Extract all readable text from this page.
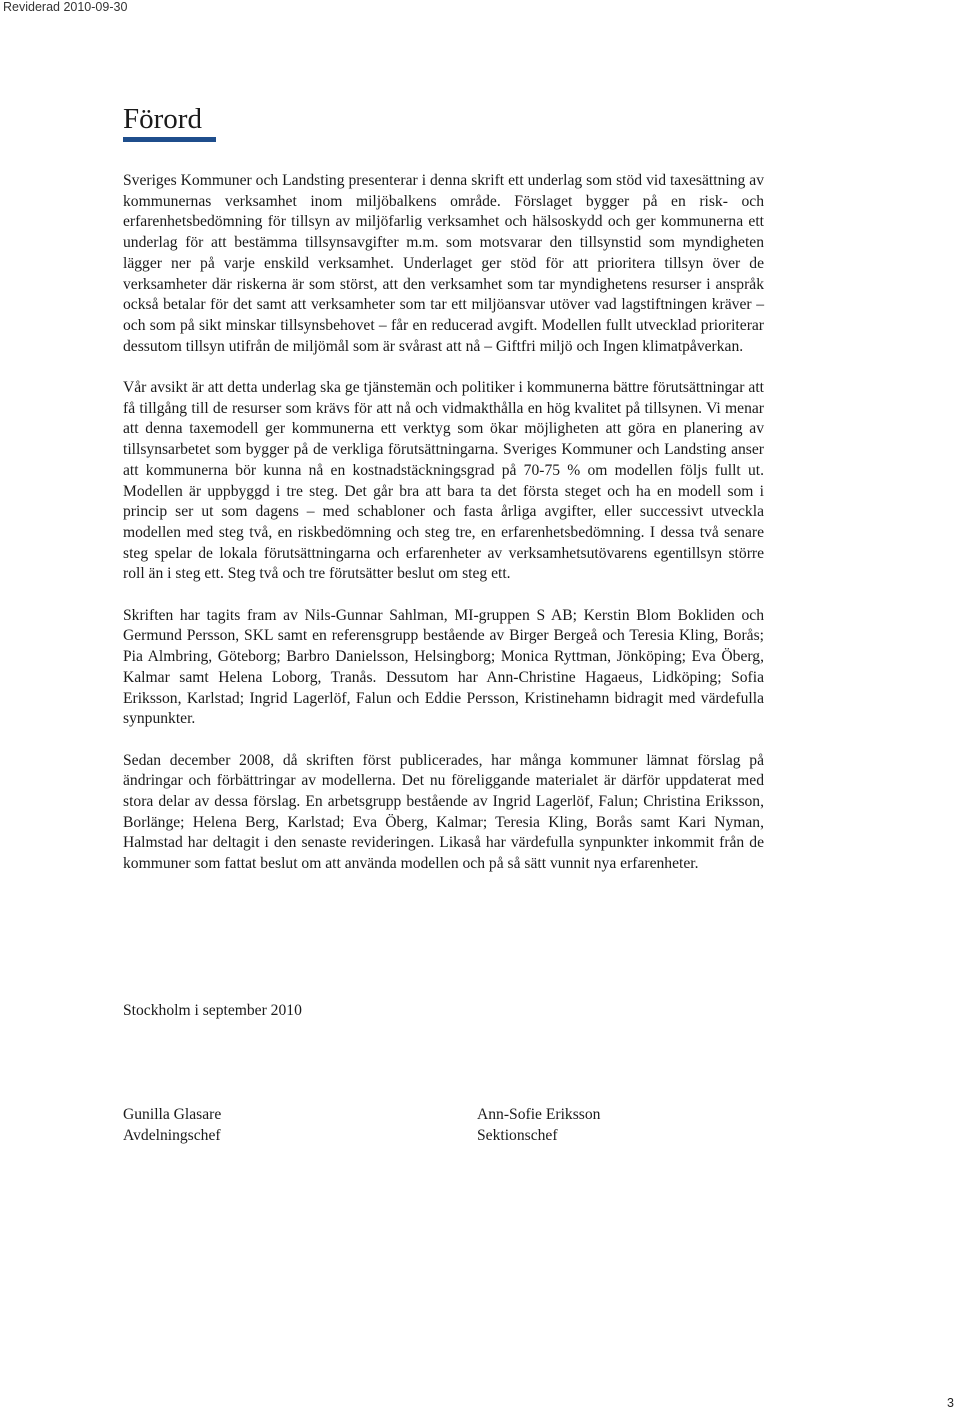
Reviderad 2010-09-30
Förord

Sveriges Kommuner och Landsting presenterar i denna skrift ett underlag som stöd vid taxesättning av kommunernas verksamhet inom miljöbalkens område. Förslaget bygger på en risk- och erfarenhetsbedömning för tillsyn av miljöfarlig verksamhet och hälsoskydd och ger kommunerna ett underlag för att bestämma tillsynsavgifter m.m. som motsvarar den tillsynstid som myndigheten lägger ner på varje enskild verksamhet. Underlaget ger stöd för att prioritera tillsyn över de verksamheter där riskerna är som störst, att den verksamhet som tar myndighetens resurser i anspråk också betalar för det samt att verksamheter som tar ett miljöansvar utöver vad lagstiftningen kräver – och som på sikt minskar tillsynsbehovet – får en reducerad avgift. Modellen fullt utvecklad prioriterar dessutom tillsyn utifrån de miljömål som är svårast att nå – Giftfri miljö och Ingen klimatpåverkan.

Vår avsikt är att detta underlag ska ge tjänstemän och politiker i kommunerna bättre förutsättningar att få tillgång till de resurser som krävs för att nå och vidmakthålla en hög kvalitet på tillsynen. Vi menar att denna taxemodell ger kommunerna ett verktyg som ökar möjligheten att göra en planering av tillsynsarbetet som bygger på de verkliga förutsättningarna. Sveriges Kommuner och Landsting anser att kommunerna bör kunna nå en kostnadstäckningsgrad på 70-75 % om modellen följs fullt ut. Modellen är uppbyggd i tre steg. Det går bra att bara ta det första steget och ha en modell som i princip ser ut som dagens – med schabloner och fasta årliga avgifter, eller successivt utveckla modellen med steg två, en riskbedömning och steg tre, en erfarenhetsbedömning. I dessa två senare steg spelar de lokala förutsättningarna och erfarenheter av verksamhetsutövarens egentillsyn större roll än i steg ett. Steg två och tre förutsätter beslut om steg ett.

Skriften har tagits fram av Nils-Gunnar Sahlman, MI-gruppen S AB; Kerstin Blom Bokliden och Germund Persson, SKL samt en referensgrupp bestående av Birger Bergeå och Teresia Kling, Borås; Pia Almbring, Göteborg; Barbro Danielsson, Helsingborg; Monica Ryttman, Jönköping; Eva Öberg, Kalmar samt Helena Loborg, Tranås. Dessutom har Ann-Christine Hagaeus, Lidköping; Sofia Eriksson, Karlstad; Ingrid Lagerlöf, Falun och Eddie Persson, Kristinehamn bidragit med värdefulla synpunkter.

Sedan december 2008, då skriften först publicerades, har många kommuner lämnat förslag på ändringar och förbättringar av modellerna. Det nu föreliggande materialet är därför uppdaterat med stora delar av dessa förslag. En arbetsgrupp bestående av Ingrid Lagerlöf, Falun; Christina Eriksson, Borlänge; Helena Berg, Karlstad; Eva Öberg, Kalmar; Teresia Kling, Borås samt Kari Nyman, Halmstad har deltagit i den senaste revideringen. Likaså har värdefulla synpunkter inkommit från de kommuner som fattat beslut om att använda modellen och på så sätt vunnit nya erfarenheter.

Stockholm i september 2010
Gunilla Glasare
Avdelningschef
Ann-Sofie Eriksson
Sektionschef
3
